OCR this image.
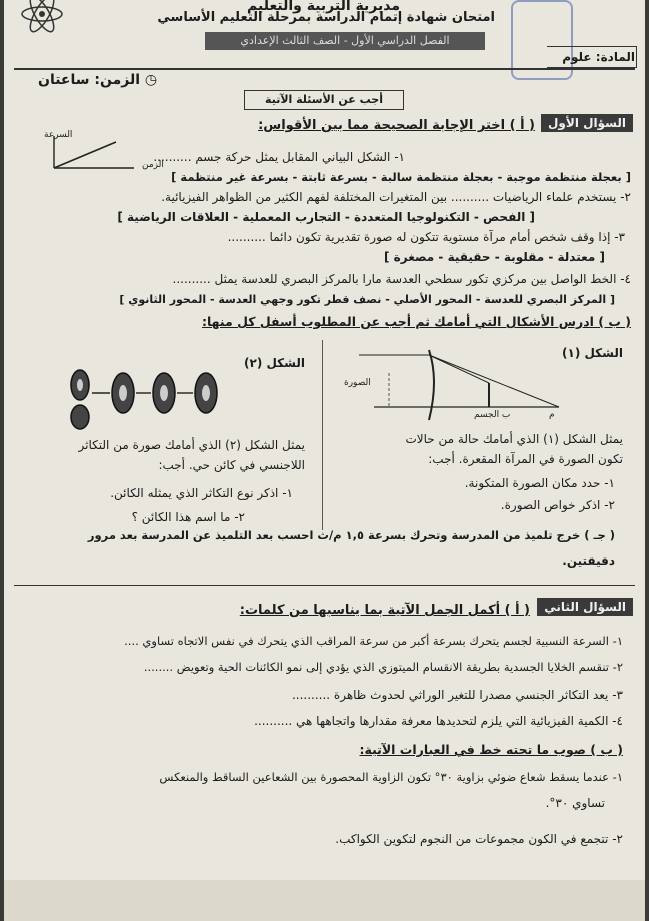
مديرية التربية والتعليم
امتحان شهادة إتمام الدراسة بمرحلة التعليم الأساسي
الفصل الدراسي الأول - الصف الثالث الإعدادي
المادة: علوم
◷ الزمن: ساعتان
أجب عن الأسئلة الآتية
السؤال الأول
( أ ) اختر الإجابة الصحيحة مما بين الأقواس:
السرعة
الزمن
١- الشكل البياني المقابل يمثل حركة جسم ..........
[ بعجلة منتظمة موجبة - بعجلة منتظمة سالبة - بسرعة ثابتة - بسرعة غير منتظمة ]
٢- يستخدم علماء الرياضيات .......... بين المتغيرات المختلفة لفهم الكثير من الظواهر الفيزيائية.
[ الفحص - التكنولوجيا المتعددة - التجارب المعملية - العلاقات الرياضية ]
٣- إذا وقف شخص أمام مرآة مستوية تتكون له صورة تقديرية تكون دائما ..........
[ معتدلة - مقلوبة - حقيقية - مصغرة ]
٤- الخط الواصل بين مركزي تكور سطحي العدسة مارا بالمركز البصري للعدسة يمثل ..........
[ المركز البصري للعدسة - المحور الأصلي - نصف قطر تكور وجهي العدسة - المحور الثانوي ]
( ب ) ادرس الأشكال التي أمامك ثم أجب عن المطلوب أسفل كل منها:
الشكل (١)
الصورة
ب الجسم	م
الشكل (٢)
يمثل الشكل (١) الذي أمامك حالة من حالات
تكون الصورة في المرآة المقعرة. أجب:
١- حدد مكان الصورة المتكونة.
٢- اذكر خواص الصورة.
يمثل الشكل (٢) الذي أمامك صورة من التكاثر
اللاجنسي في كائن حي. أجب:
١- اذكر نوع التكاثر الذي يمثله الكائن.
٢- ما اسم هذا الكائن ؟
( جـ ) خرج تلميذ من المدرسة وتحرك بسرعة ١,٥ م/ث احسب بعد التلميذ عن المدرسة بعد مرور
دقيقتين.
السؤال الثاني
( أ ) أكمل الجمل الآتية بما يناسبها من كلمات:
١- السرعة النسبية لجسم يتحرك بسرعة أكبر من سرعة المراقب الذي يتحرك في نفس الاتجاه تساوي ....
٢- تنقسم الخلايا الجسدية بطريقة الانقسام الميتوزي الذي يؤدي إلى نمو الكائنات الحية وتعويض ........
٣- يعد التكاثر الجنسي مصدرا للتغير الوراثي لحدوث ظاهرة ..........
٤- الكمية الفيزيائية التي يلزم لتحديدها معرفة مقدارها واتجاهها هي ..........
( ب ) صوب ما تحته خط في العبارات الآتية:
١- عندما يسقط شعاع ضوئي بزاوية ٣٠° تكون الزاوية المحصورة بين الشعاعين الساقط والمنعكس
تساوي ٣٠°.
٢- تتجمع في الكون مجموعات من النجوم لتكوين الكواكب.
